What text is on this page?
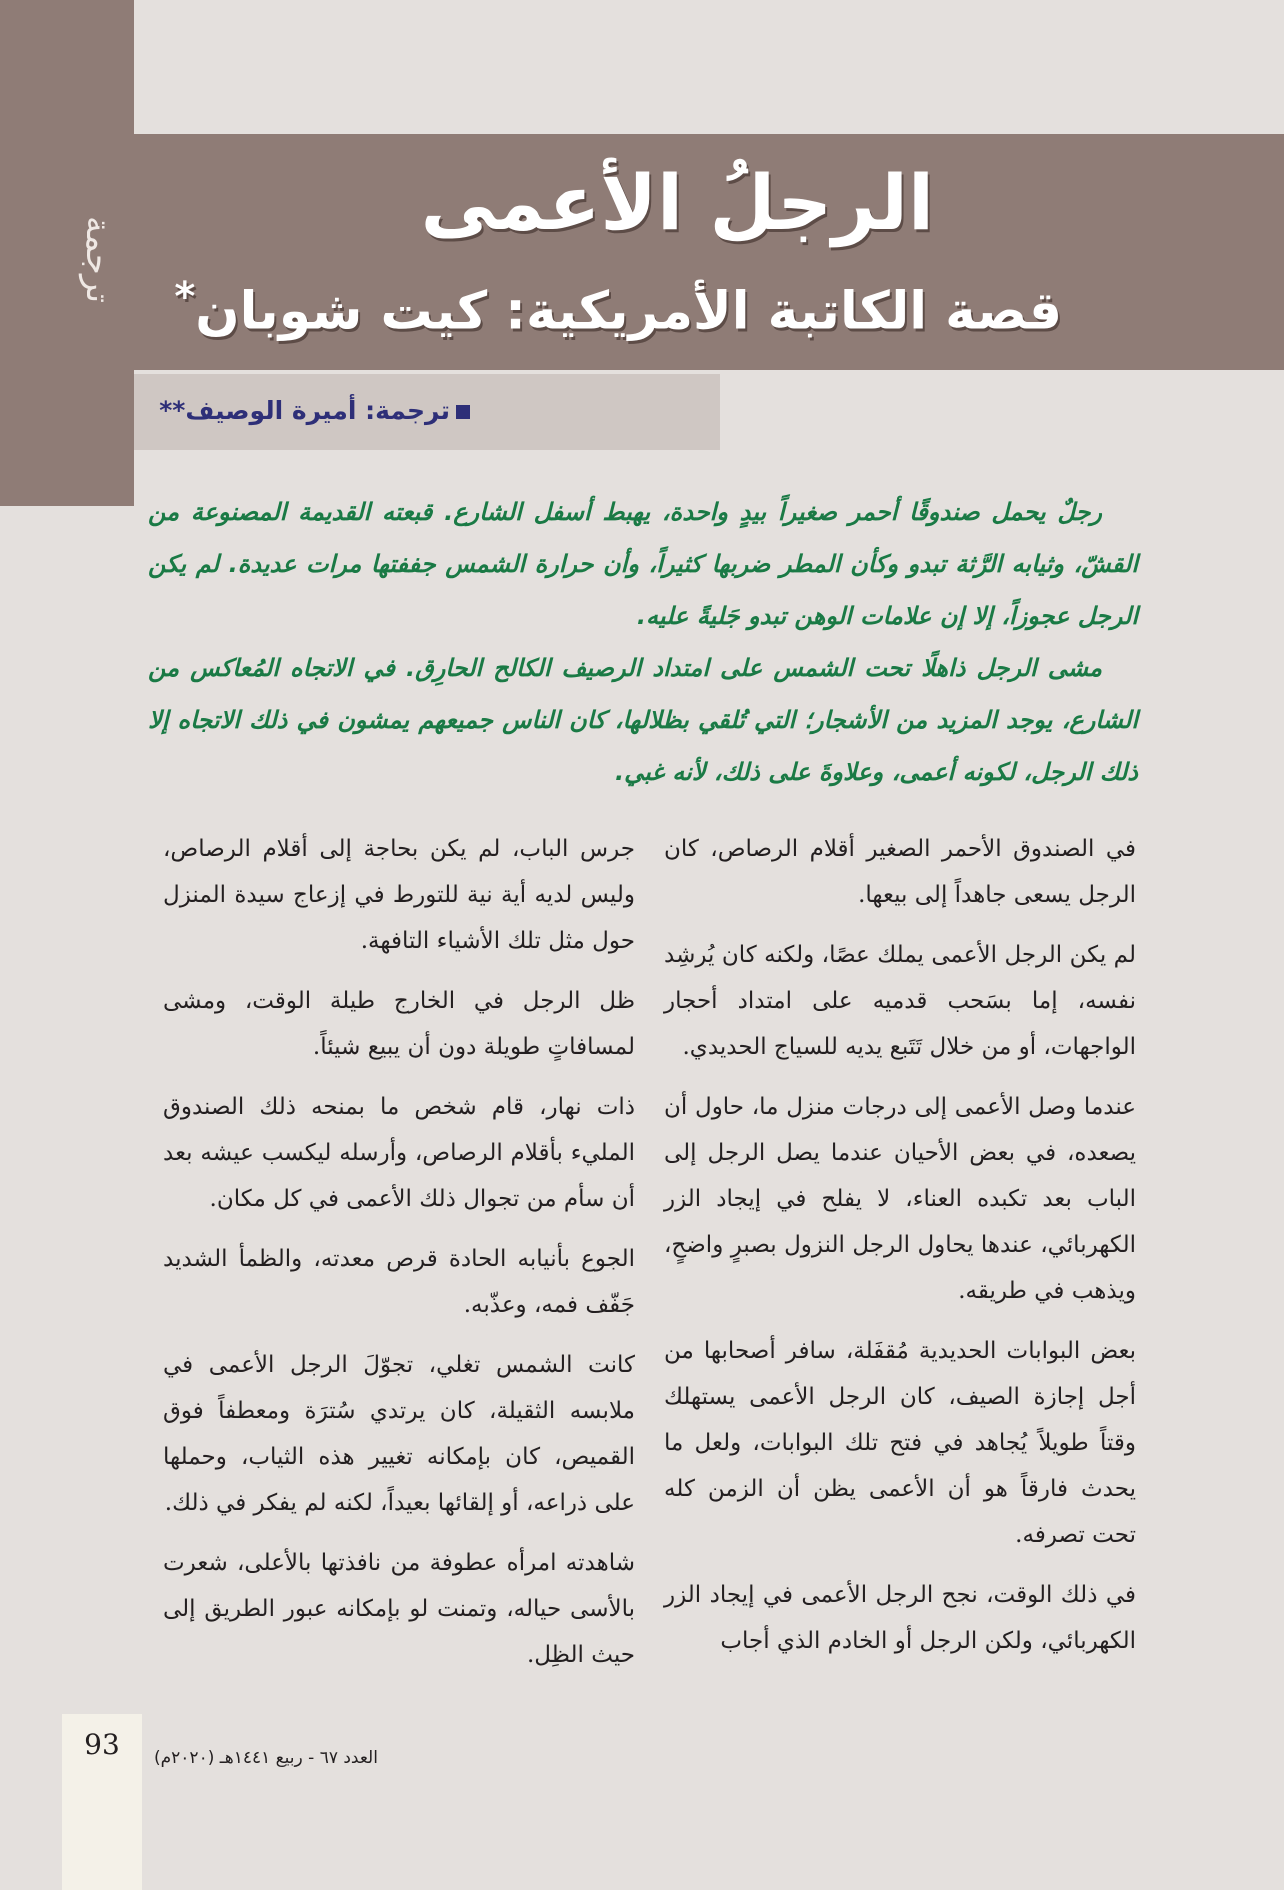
ترجمة
الرجلُ الأعمى
قصة الكاتبة الأمريكية: كيت شوبان*

ترجمة: أميرة الوصيف**

رجلٌ يحمل صندوقًا أحمر صغيراً بيدٍ واحدة، يهبط أسفل الشارع. قبعته القديمة المصنوعة من القشّ، وثيابه الرَّثة تبدو وكأن المطر ضربها كثيراً، وأن حرارة الشمس جففتها مرات عديدة. لم يكن الرجل عجوزاً، إلا إن علامات الوهن تبدو جَليةً عليه.

مشى الرجل ذاهلًا تحت الشمس على امتداد الرصيف الكالح الحارِق. في الاتجاه المُعاكس من الشارع، يوجد المزيد من الأشجار؛ التي تُلقي بظلالها، كان الناس جميعهم يمشون في ذلك الاتجاه إلا ذلك الرجل، لكونه أعمى، وعلاوةَ على ذلك، لأنه غبي.

في الصندوق الأحمر الصغير أقلام الرصاص، كان الرجل يسعى جاهداً إلى بيعها.

لم يكن الرجل الأعمى يملك عصًا، ولكنه كان يُرشِد نفسه، إما بسَحب قدميه على امتداد أحجار الواجهات، أو من خلال تَتَبع يديه للسياج الحديدي.

عندما وصل الأعمى إلى درجات منزل ما، حاول أن يصعده، في بعض الأحيان عندما يصل الرجل إلى الباب بعد تكبده العناء، لا يفلح في إيجاد الزر الكهربائي، عندها يحاول الرجل النزول بصبرٍ واضحٍ، ويذهب في طريقه.

بعض البوابات الحديدية مُقفَلة، سافر أصحابها من أجل إجازة الصيف، كان الرجل الأعمى يستهلك وقتاً طويلاً يُجاهد في فتح تلك البوابات، ولعل ما يحدث فارقاً هو أن الأعمى يظن أن الزمن كله تحت تصرفه.

في ذلك الوقت، نجح الرجل الأعمى في إيجاد الزر الكهربائي، ولكن الرجل أو الخادم الذي أجاب

جرس الباب، لم يكن بحاجة إلى أقلام الرصاص، وليس لديه أية نية للتورط في إزعاج سيدة المنزل حول مثل تلك الأشياء التافهة.

ظل الرجل في الخارج طيلة الوقت، ومشى لمسافاتٍ طويلة دون أن يبيع شيئاً.

ذات نهار، قام شخص ما بمنحه ذلك الصندوق المليء بأقلام الرصاص، وأرسله ليكسب عيشه بعد أن سأم من تجوال ذلك الأعمى في كل مكان.

الجوع بأنيابه الحادة قرص معدته، والظمأ الشديد جَفّف فمه، وعذّبه.

كانت الشمس تغلي، تجوّلَ الرجل الأعمى في ملابسه الثقيلة، كان يرتدي سُترَة ومعطفاً فوق القميص، كان بإمكانه تغيير هذه الثياب، وحملها على ذراعه، أو إلقائها بعيداً، لكنه لم يفكر في ذلك.

شاهدته امرأه عطوفة من نافذتها بالأعلى، شعرت بالأسى حياله، وتمنت لو بإمكانه عبور الطريق إلى حيث الظِل.

93	العدد ٦٧ - ربيع ١٤٤١هـ (٢٠٢٠م)
